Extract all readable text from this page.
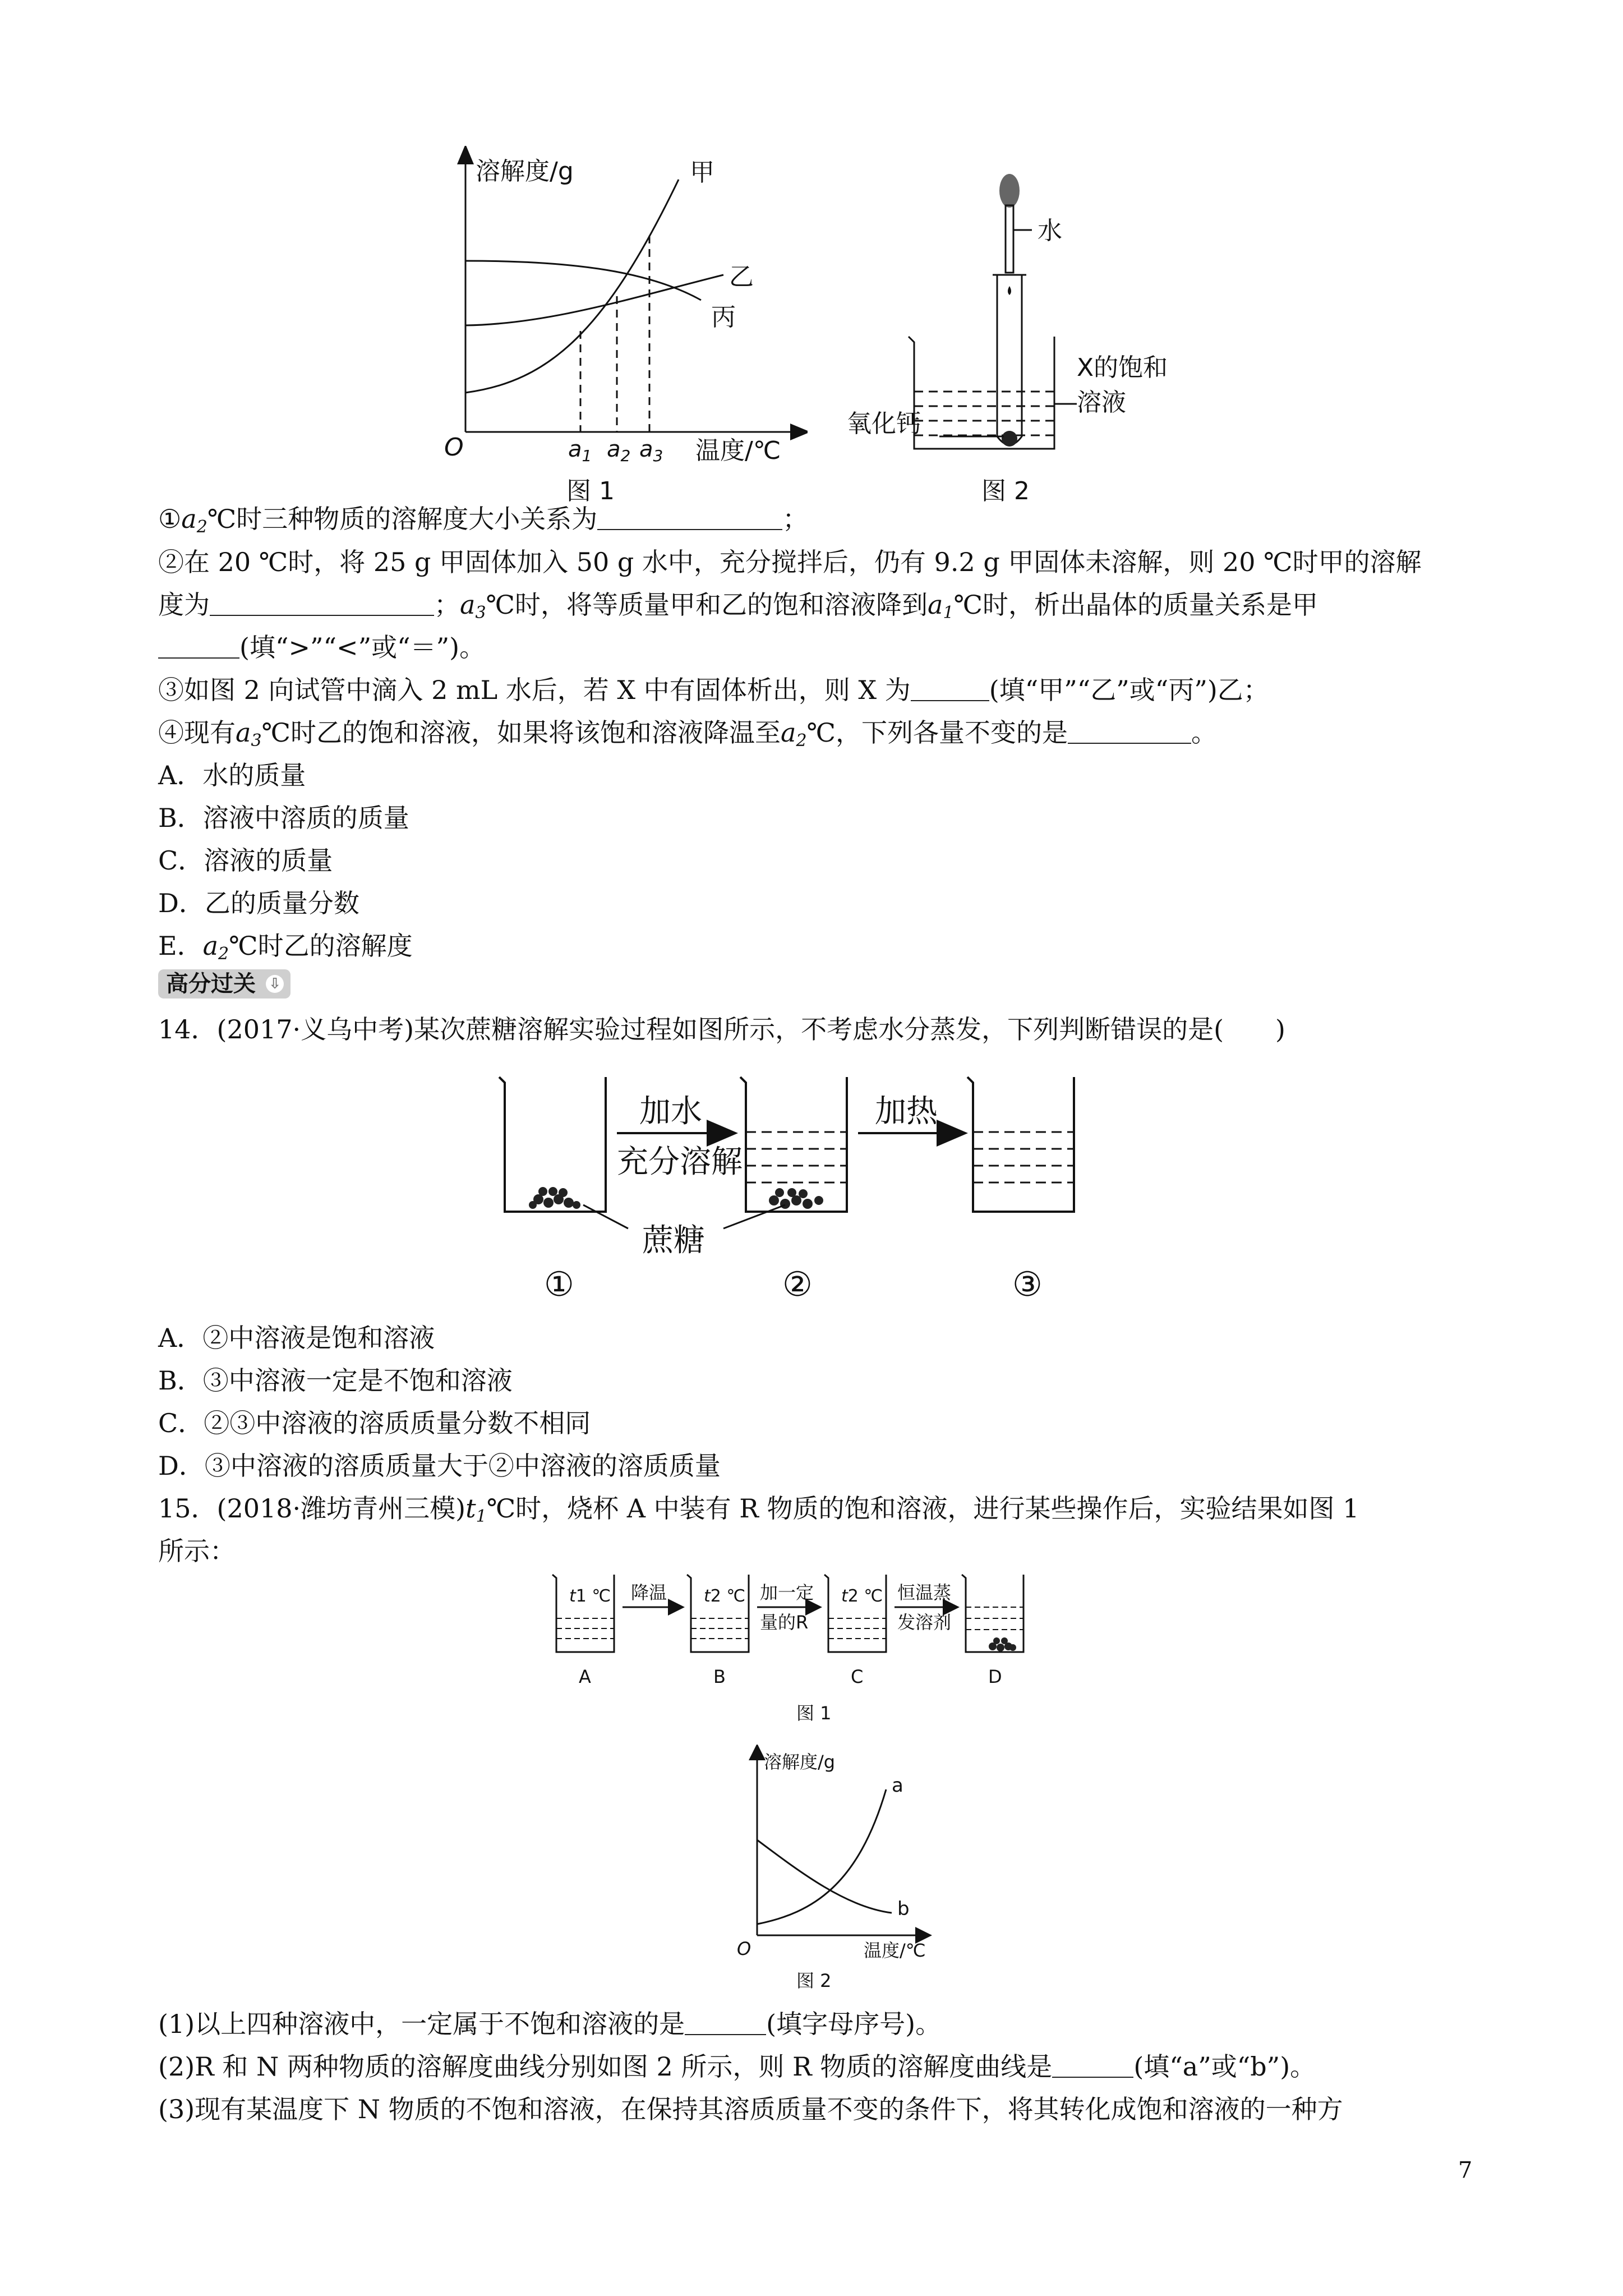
溶解度/g
温度/℃
O
甲
乙
丙
$a_1$ $a_2$ $a_3$
图 1
水
X的饱和
溶液
氧化钙
图 2
$①a_2℃$时三种物质的溶解度大小关系为	；
②在 20 ℃时，将 25 g 甲固体加入 50 g 水中，充分搅拌后，仍有 9.2 g 甲固体未溶解，则 20 ℃时甲的溶解
度为	；$a_3℃$时，将等质量甲和乙的饱和溶液降到$a_1℃$时，析出晶体的质量关系是甲
(填“>”“<”或“＝”)。
③如图 2 向试管中滴入 2 mL 水后，若 X 中有固体析出，则 X 为	(填“甲”“乙”或“丙”)乙；
④现有$a_3℃$时乙的饱和溶液，如果将该饱和溶液降温至$a_2℃$，下列各量不变的是	。
A．水的质量
B．溶液中溶质的质量
C．溶液的质量
D．乙的质量分数
E．$a_2℃$时乙的溶解度
高分过关 ⇩
14．(2017·义乌中考)某次蔗糖溶解实验过程如图所示，不考虑水分蒸发，下列判断错误的是(　　)
加水
充分溶解
加热
蔗糖
①	②	③
A．②中溶液是饱和溶液
B．③中溶液一定是不饱和溶液
C．②③中溶液的溶质质量分数不相同
D．③中溶液的溶质质量大于②中溶液的溶质质量
15．(2018·潍坊青州三模)$t_1℃$时，烧杯 A 中装有 R 物质的饱和溶液，进行某些操作后，实验结果如图 1
所示：
t1 ℃
A
降温 t2 ℃
B
加一定
量的R
t2 ℃
C
恒温蒸
发溶剂
D
图 1
溶解度/g
温度/℃
O
a
b
图 2
(1)以上四种溶液中，一定属于不饱和溶液的是	(填字母序号)。
(2)R 和 N 两种物质的溶解度曲线分别如图 2 所示，则 R 物质的溶解度曲线是	(填“a”或“b”)。
(3)现有某温度下 N 物质的不饱和溶液，在保持其溶质质量不变的条件下，将其转化成饱和溶液的一种方
7
